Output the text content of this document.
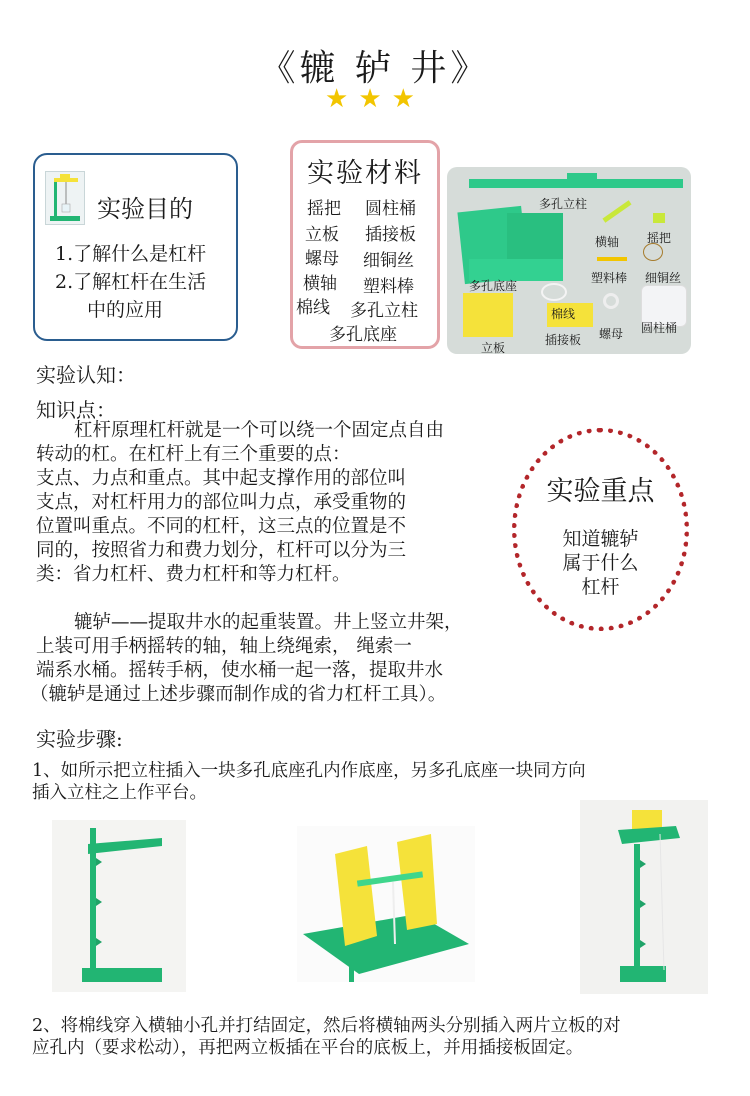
《辘 轳 井》
★★★
实验目的
1.了解什么是杠杆
2.了解杠杆在生活
中的应用
实验材料
摇把 圆柱桶
立板 插接板
螺母 细铜丝
横轴 塑料棒
棉线 多孔立柱
多孔底座
多孔立柱
横轴 摇把
多孔底座
塑料棒 细铜丝
棉线
立板
插接板 螺母 圆柱桶
实验认知：
知识点：
杠杆原理杠杆就是一个可以绕一个固定点自由
转动的杠。在杠杆上有三个重要的点：
支点、力点和重点。其中起支撑作用的部位叫
支点，对杠杆用力的部位叫力点，承受重物的
位置叫重点。不同的杠杆，这三点的位置是不
同的，按照省力和费力划分，杠杆可以分为三
类：省力杠杆、费力杠杆和等力杠杆。
辘轳——提取井水的起重装置。井上竖立井架，
上装可用手柄摇转的轴，轴上绕绳索， 绳索一
端系水桶。摇转手柄，使水桶一起一落，提取井水
（辘轳是通过上述步骤而制作成的省力杠杆工具）。
实验重点
知道辘轳
属于什么
杠杆
实验步骤:
1、如所示把立柱插入一块多孔底座孔内作底座，另多孔底座一块同方向
插入立柱之上作平台。
2、将棉线穿入横轴小孔并打结固定，然后将横轴两头分别插入两片立板的对
应孔内（要求松动），再把两立板插在平台的底板上，并用插接板固定。
